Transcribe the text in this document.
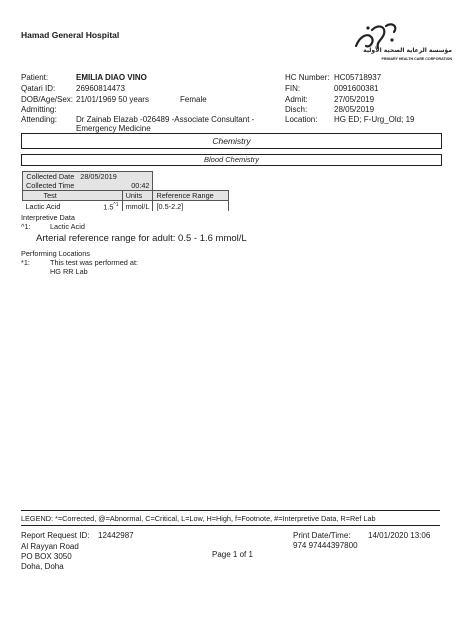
Hamad General Hospital
مؤسسة الرعاية الصحية الأولية
PRIMARY HEALTH CARE CORPORATION
Patient:	EMILIA DIAO VINO
Qatari ID:	26960814473
DOB/Age/Sex: 21/01/1969 50 years	Female
Admitting:
Attending: Dr Zainab Elazab -026489 -Associate Consultant -
Emergency Medicine
HC Number: HC05718937
FIN:	0091600381
Admit:	27/05/2019
Disch:	28/05/2019
Location: HG ED; F-Urg_Old; 19
Chemistry
Blood Chemistry
Collected Date	28/05/2019			
Collected Time	00:42			
Test		Units	Reference Range	
Lactic Acid	$1.5^{\^{}1}$	mmol/L	[0.5-2.2]	
Interpretive Data
^1:	Lactic Acid
Arterial reference range for adult: 0.5 - 1.6 mmol/L
Performing Locations
*1:	This test was performed at:
HG RR Lab
LEGEND: *=Corrected, @=Abnormal, C=Critical, L=Low, H=High, f=Footnote, #=Interpretive Data, R=Ref Lab
Report Request ID: 12442987
Al Rayyan Road
PO BOX 3050
Doha, Doha
Page 1 of 1
Print Date/Time: 14/01/2020 13:06
974 97444397800
